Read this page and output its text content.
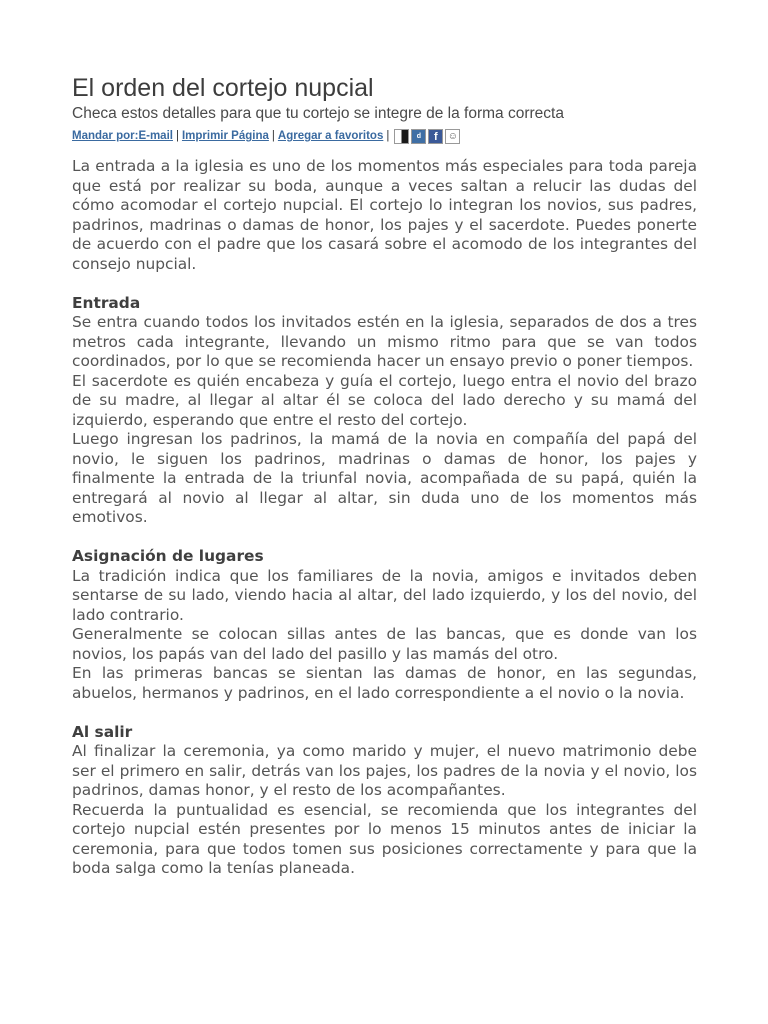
El orden del cortejo nupcial
Checa estos detalles para que tu cortejo se integre de la forma correcta
Mandar por:E-mail | Imprimir Página | Agregar a favoritos |	d	f	☺

La entrada a la iglesia es uno de los momentos más especiales para toda pareja que está por realizar su boda, aunque a veces saltan a relucir las dudas del cómo acomodar el cortejo nupcial. El cortejo lo integran los novios, sus padres, padrinos, madrinas o damas de honor, los pajes y el sacerdote. Puedes ponerte de acuerdo con el padre que los casará sobre el acomodo de los integrantes del consejo nupcial.

Entrada

Se entra cuando todos los invitados estén en la iglesia, separados de dos a tres metros cada integrante, llevando un mismo ritmo para que se van todos coordinados, por lo que se recomienda hacer un ensayo previo o poner tiempos.

El sacerdote es quién encabeza y guía el cortejo, luego entra el novio del brazo de su madre, al llegar al altar él se coloca del lado derecho y su mamá del izquierdo, esperando que entre el resto del cortejo.

Luego ingresan los padrinos, la mamá de la novia en compañía del papá del novio, le siguen los padrinos, madrinas o damas de honor, los pajes y finalmente la entrada de la triunfal novia, acompañada de su papá, quién la entregará al novio al llegar al altar, sin duda uno de los momentos más emotivos.

Asignación de lugares

La tradición indica que los familiares de la novia, amigos e invitados deben sentarse de su lado, viendo hacia al altar, del lado izquierdo, y los del novio, del lado contrario.

Generalmente se colocan sillas antes de las bancas, que es donde van los novios, los papás van del lado del pasillo y las mamás del otro.

En las primeras bancas se sientan las damas de honor, en las segundas, abuelos, hermanos y padrinos, en el lado correspondiente a el novio o la novia.

Al salir

Al finalizar la ceremonia, ya como marido y mujer, el nuevo matrimonio debe ser el primero en salir, detrás van los pajes, los padres de la novia y el novio, los padrinos, damas honor, y el resto de los acompañantes.

Recuerda la puntualidad es esencial, se recomienda que los integrantes del cortejo nupcial estén presentes por lo menos 15 minutos antes de iniciar la ceremonia, para que todos tomen sus posiciones correctamente y para que la boda salga como la tenías planeada.
